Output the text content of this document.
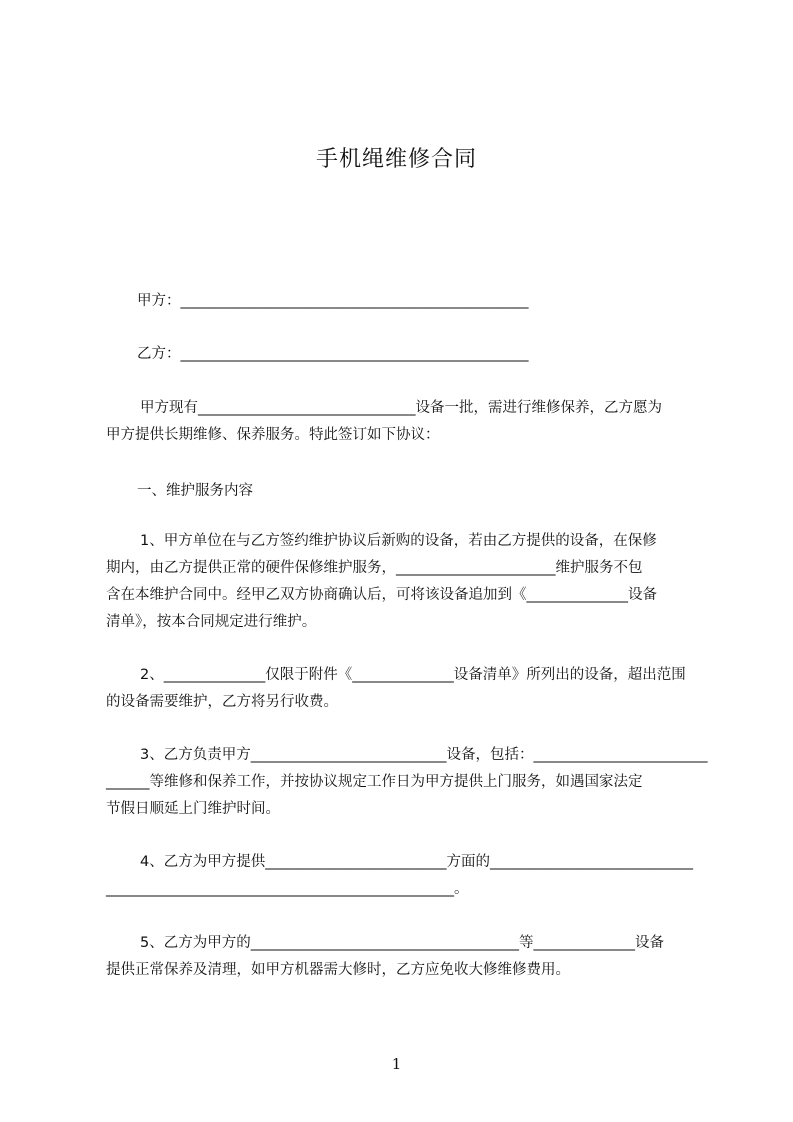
手机绳维修合同
甲方：________________________________________________
乙方：________________________________________________
甲方现有______________________________设备一批，需进行维修保养，乙方愿为
甲方提供长期维修、保养服务。特此签订如下协议：
一、维护服务内容
1、甲方单位在与乙方签约维护协议后新购的设备，若由乙方提供的设备，在保修
期内，由乙方提供正常的硬件保修维护服务，______________________维护服务不包
含在本维护合同中。经甲乙双方协商确认后，可将该设备追加到《______________设备
清单》，按本合同规定进行维护。
2、______________仅限于附件《______________设备清单》所列出的设备，超出范围
的设备需要维护，乙方将另行收费。
3、乙方负责甲方___________________________设备，包括：________________________
______等维修和保养工作，并按协议规定工作日为甲方提供上门服务，如遇国家法定
节假日顺延上门维护时间。
4、乙方为甲方提供_________________________方面的____________________________
________________________________________________。
5、乙方为甲方的_____________________________________等______________设备
提供正常保养及清理，如甲方机器需大修时，乙方应免收大修维修费用。
1
